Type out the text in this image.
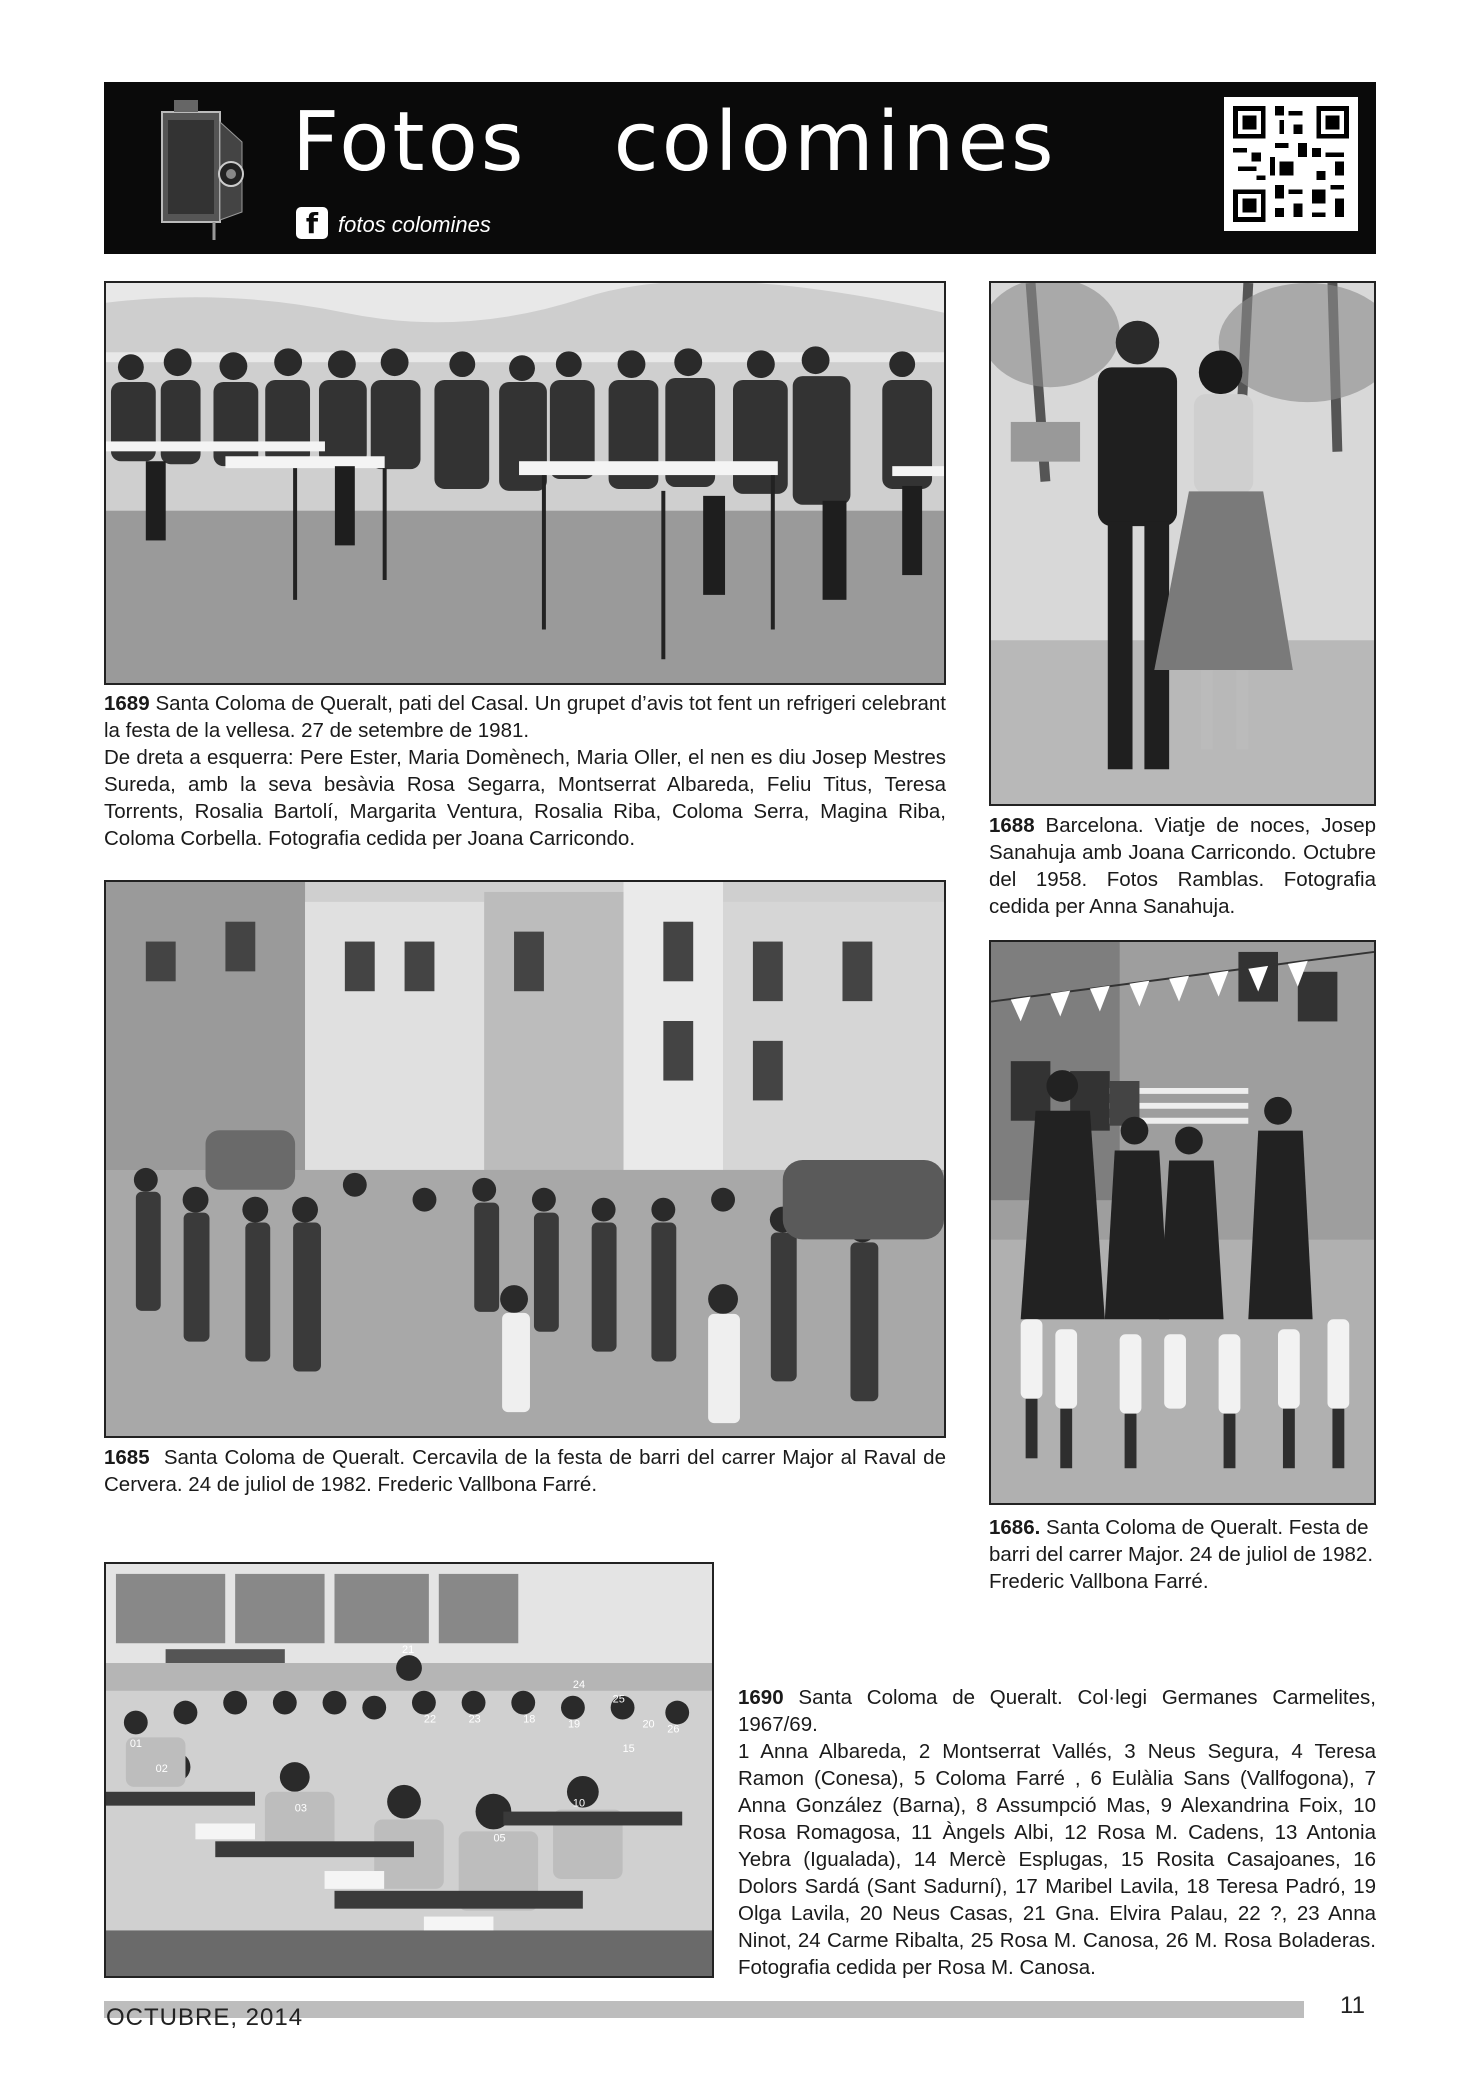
Fotos   colomines
f fotos colomines

1689 Santa Coloma de Queralt, pati del Casal. Un grupet d’avis tot fent un refrigeri celebrant la festa de la vellesa. 27 de setembre de 1981.

De dreta a esquerra: Pere Ester, Maria Domènech, Maria Oller, el nen es diu Josep Mestres Sureda, amb la seva besàvia Rosa Segarra, Montserrat Albareda, Feliu Titus, Teresa Torrents, Rosalia Bartolí, Margarita Ventura, Rosalia Riba, Coloma Serra, Magina Riba, Coloma Corbella. Fotografia cedida per Joana Carricondo.

1688 Barcelona. Viatje de noces, Josep Sanahuja amb Joana Carricondo. Octubre del 1958. Fotos Ramblas. Fotografia cedida per Anna Sanahuja.

1685 Santa Coloma de Queralt. Cercavila de la festa de barri del carrer Major al Raval de Cervera. 24 de juliol de 1982. Frederic Vallbona Farré.

1686. Santa Coloma de Queralt. Festa de barri del carrer Major. 24 de juliol de 1982. Frederic Vallbona Farré.

21
25
26
01
02
03
05
10
15
18	19	20
22	23
24

1690 Santa Coloma de Queralt. Col·legi Germanes Carmelites, 1967/69.

1 Anna Albareda, 2 Montserrat Vallés, 3 Neus Segura, 4 Teresa Ramon (Conesa), 5 Coloma Farré , 6 Eulàlia Sans (Vallfogona), 7 Anna González (Barna), 8 Assumpció Mas, 9 Alexandrina Foix, 10 Rosa Romagosa, 11 Àngels Albi, 12 Rosa M. Cadens, 13 Antonia Yebra (Igualada), 14 Mercè Esplugas, 15 Rosita Casajoanes, 16 Dolors Sardá (Sant Sadurní), 17 Maribel Lavila, 18 Teresa Padró, 19 Olga Lavila, 20 Neus Casas, 21 Gna. Elvira Palau, 22 ?, 23 Anna Ninot, 24 Carme Ribalta, 25 Rosa M. Canosa, 26 M. Rosa Boladeras. Fotografia cedida per Rosa M. Canosa.

OCTUBRE, 2014	11
